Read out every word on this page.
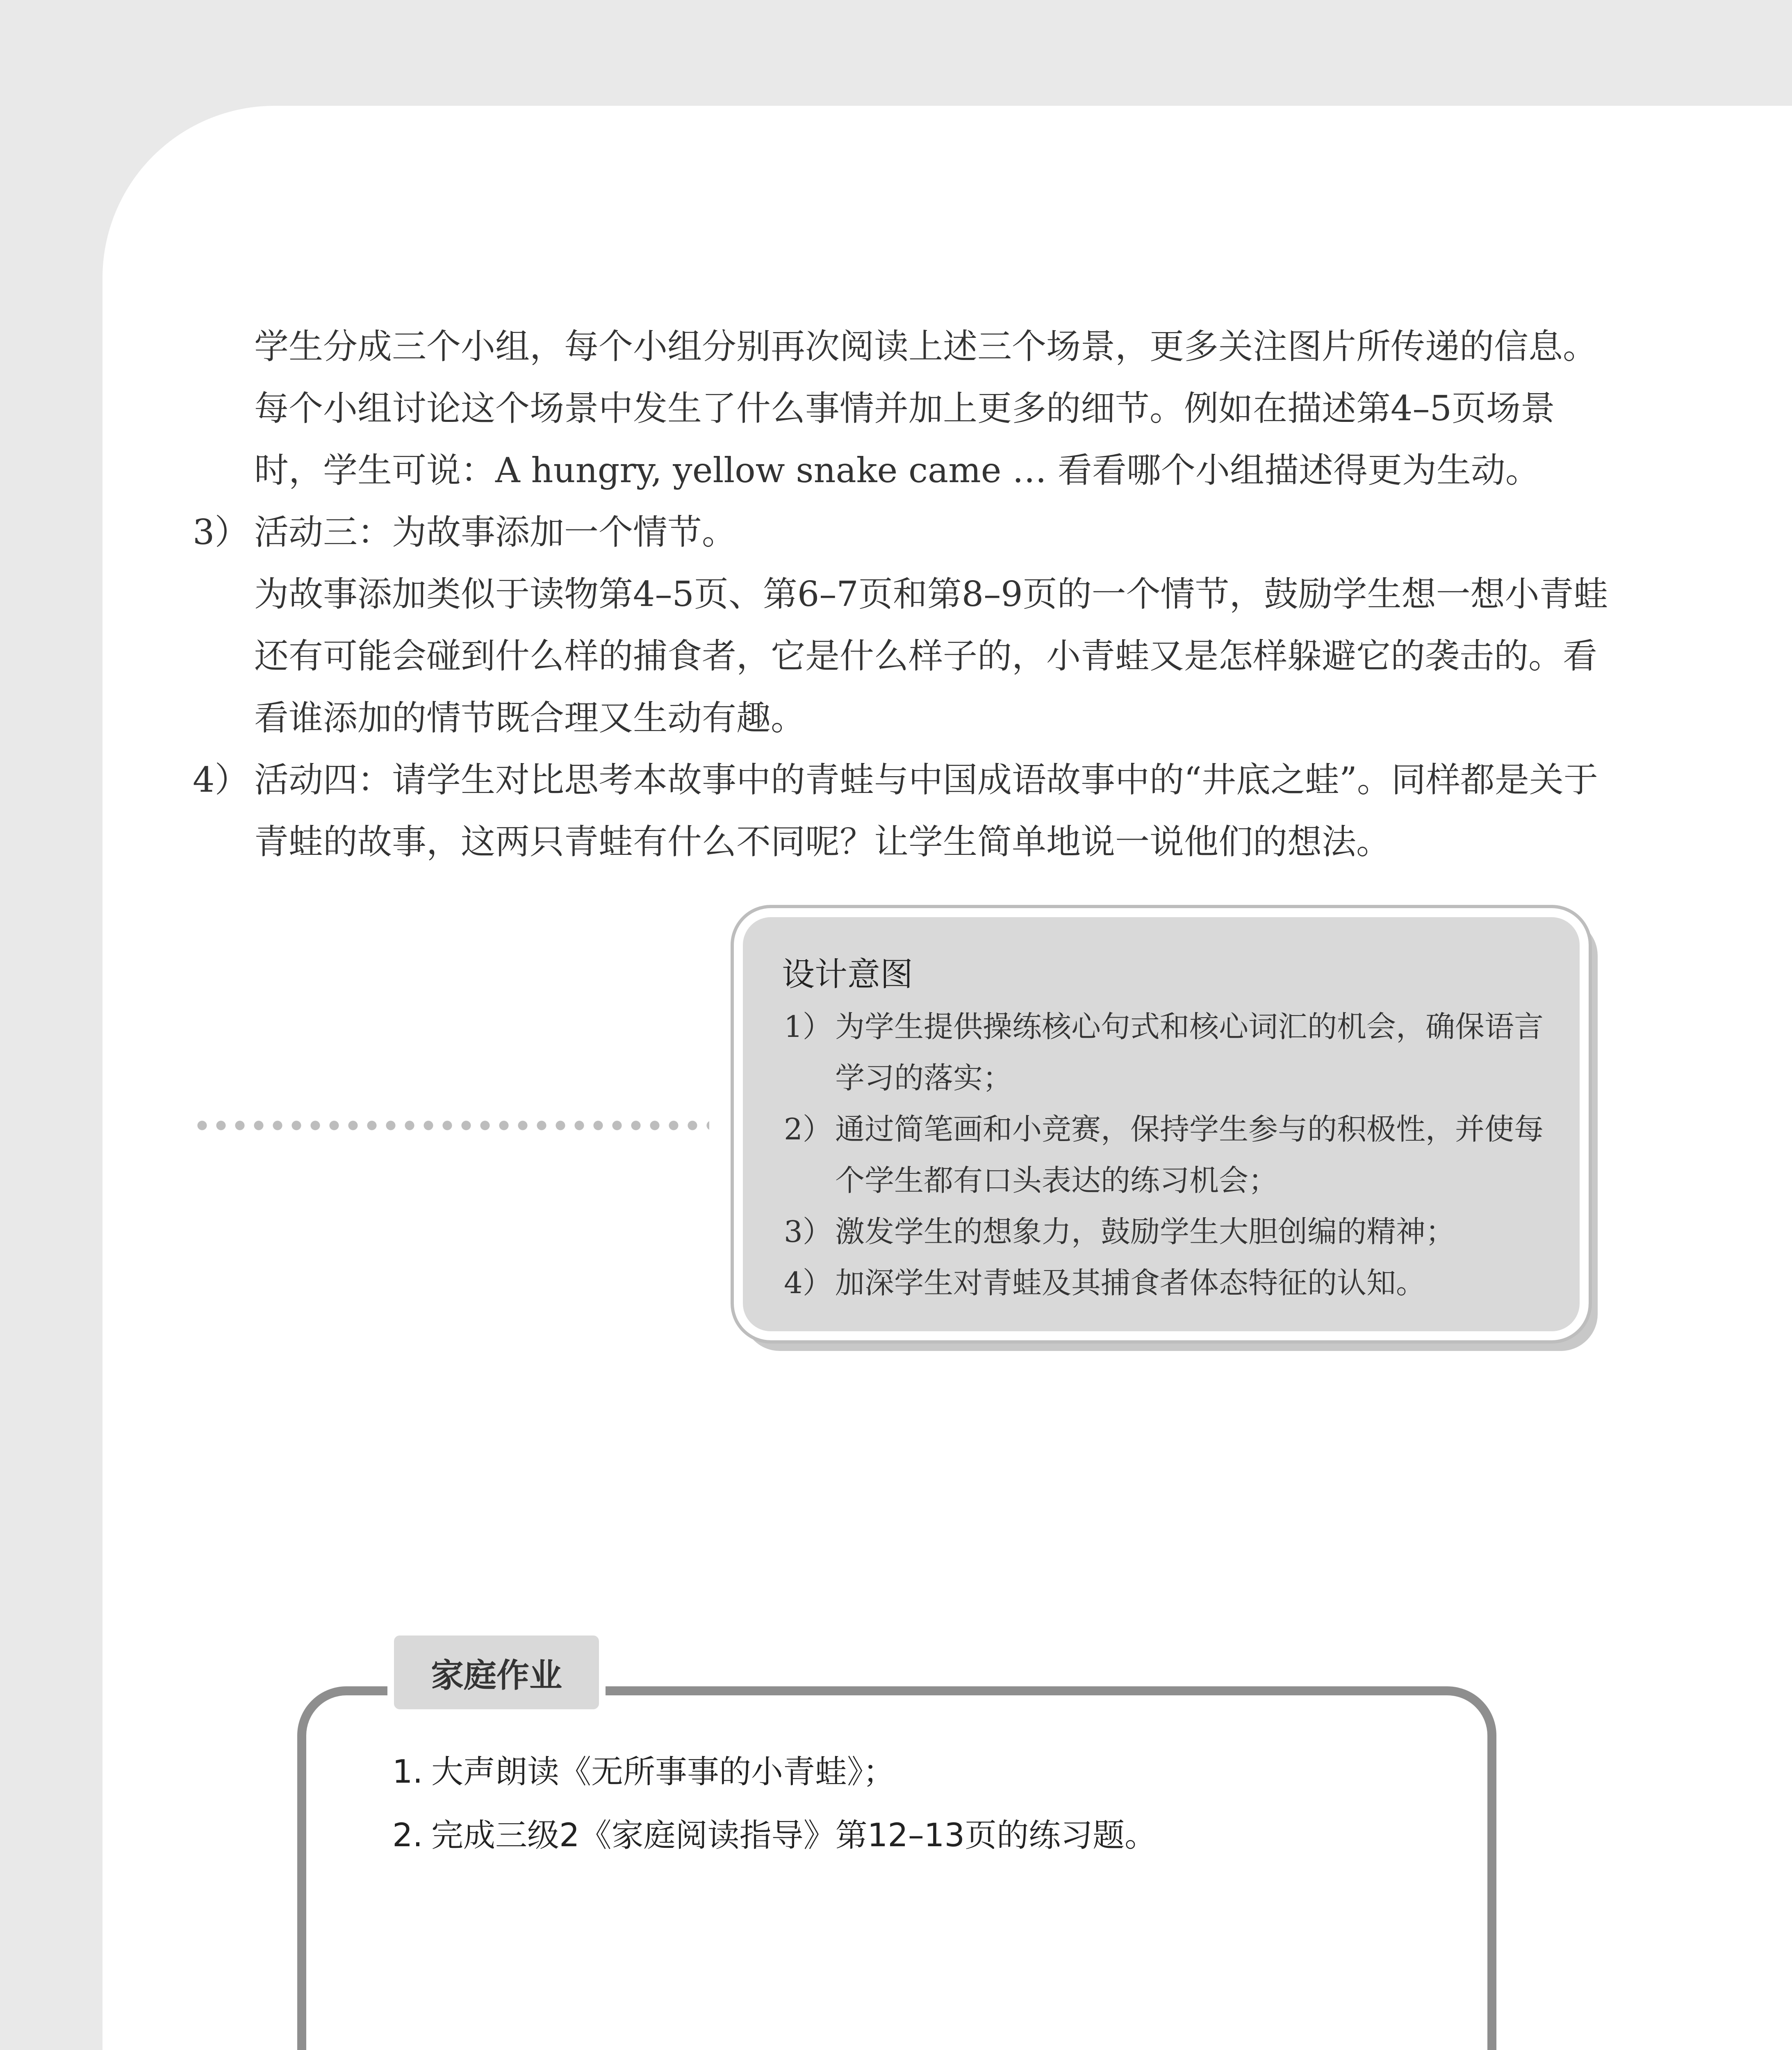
学生分成三个小组，每个小组分别再次阅读上述三个场景，更多关注图片所传递的信息。每个小组讨论这个场景中发生了什么事情并加上更多的细节。例如在描述第4–5页场景时，学生可说：A hungry, yellow snake came … 看看哪个小组描述得更为生动。

3） 活动三：为故事添加一个情节。
为故事添加类似于读物第4–5页、第6–7页和第8–9页的一个情节，鼓励学生想一想小青蛙还有可能会碰到什么样的捕食者，它是什么样子的，小青蛙又是怎样躲避它的袭击的。看看谁添加的情节既合理又生动有趣。
4） 活动四：请学生对比思考本故事中的青蛙与中国成语故事中的“井底之蛙”。同样都是关于青蛙的故事，这两只青蛙有什么不同呢？让学生简单地说一说他们的想法。
设计意图
1） 为学生提供操练核心句式和核心词汇的机会，确保语言学习的落实；
2） 通过简笔画和小竞赛，保持学生参与的积极性，并使每个学生都有口头表达的练习机会；
3） 激发学生的想象力，鼓励学生大胆创编的精神；
4） 加深学生对青蛙及其捕食者体态特征的认知。
1. 大声朗读《无所事事的小青蛙》；
2. 完成三级2《家庭阅读指导》第12–13页的练习题。
家庭作业
